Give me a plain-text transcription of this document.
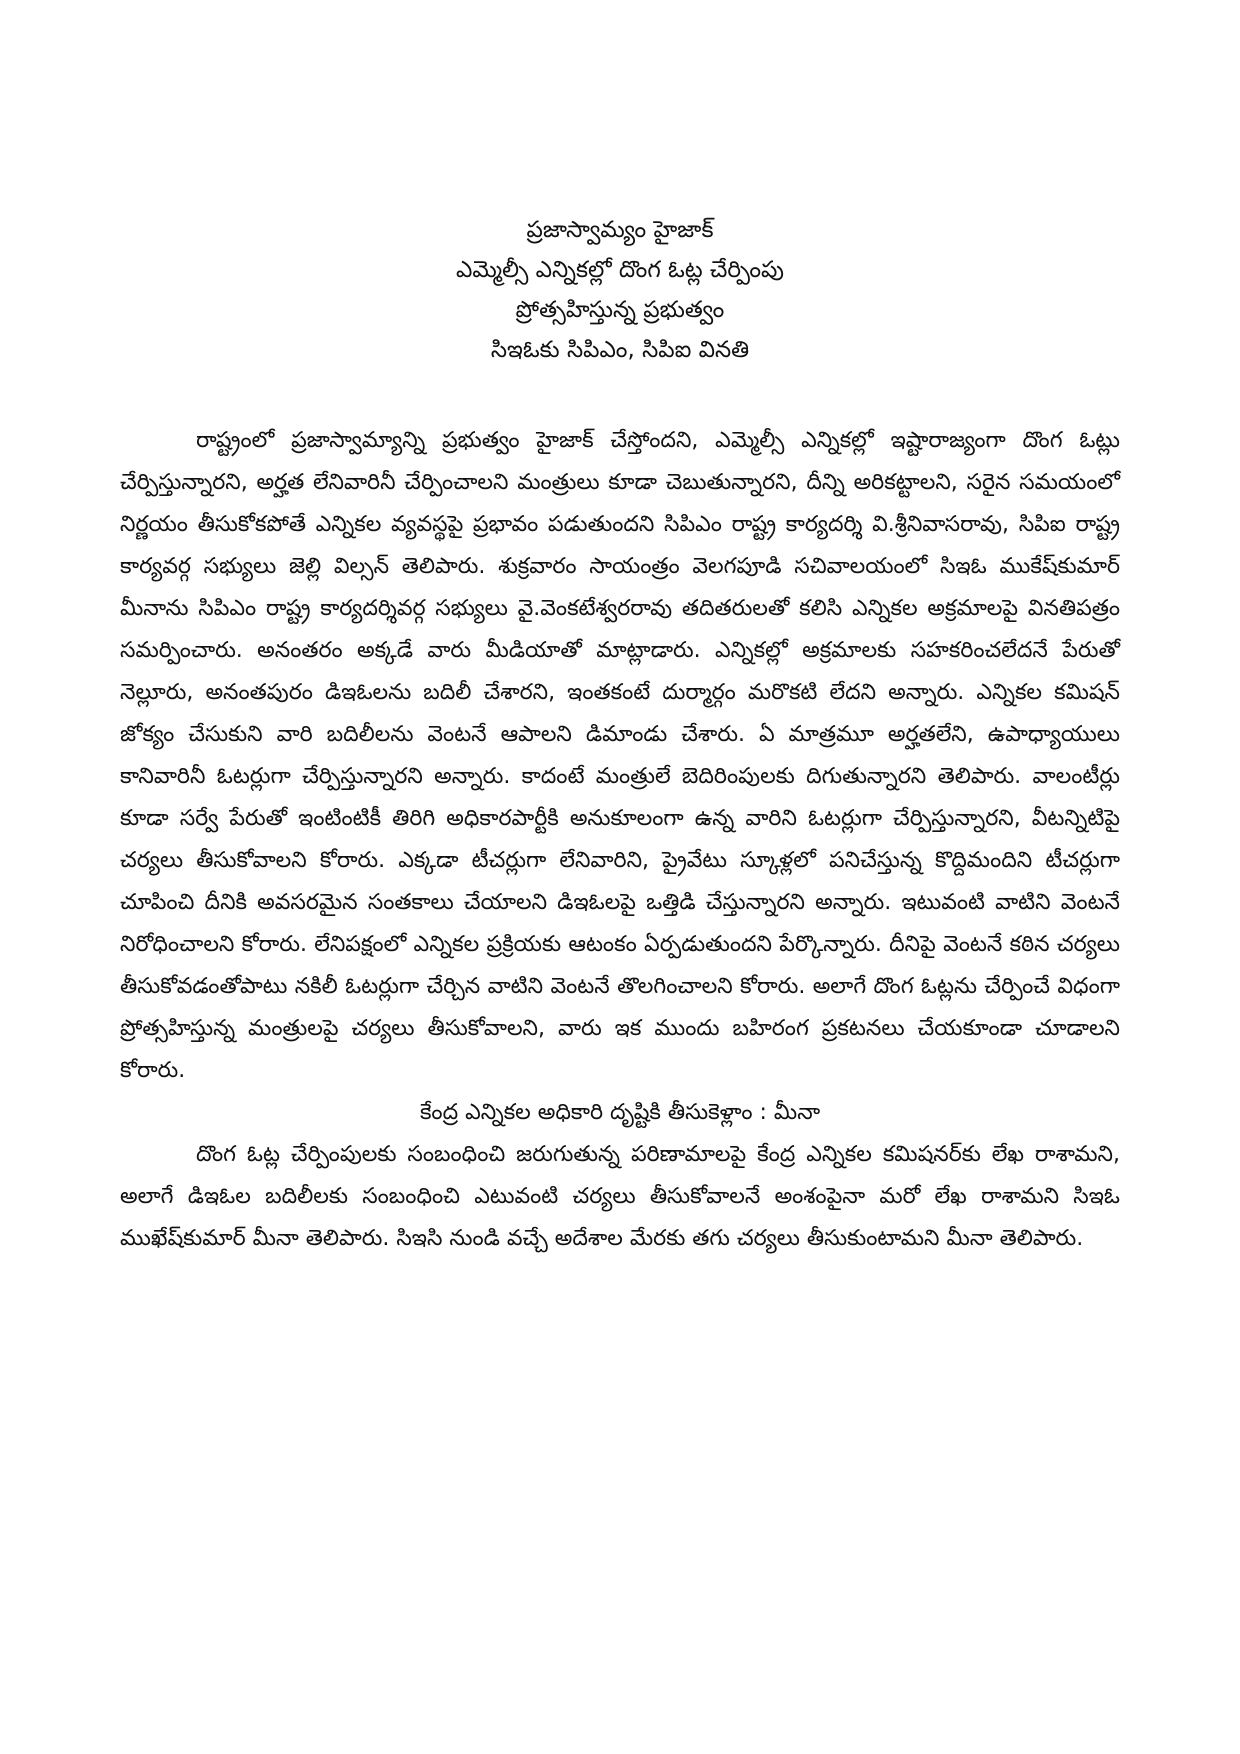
ప్రజాస్వామ్యం హైజాక్
ఎమ్మెల్సీ ఎన్నికల్లో దొంగ ఓట్ల చేర్పింపు
ప్రోత్సహిస్తున్న ప్రభుత్వం
సిఇఓకు సిపిఎం, సిపిఐ వినతి

రాష్ట్రంలో ప్రజాస్వామ్యాన్ని ప్రభుత్వం హైజాక్ చేస్తోందని, ఎమ్మెల్సీ ఎన్నికల్లో ఇష్టారాజ్యంగా దొంగ ఓట్లు చేర్పిస్తున్నారని, అర్హత లేనివారినీ చేర్పించాలని మంత్రులు కూడా చెబుతున్నారని, దీన్ని అరికట్టాలని, సరైన సమయంలో నిర్ణయం తీసుకోకపోతే ఎన్నికల వ్యవస్థపై ప్రభావం పడుతుందని సిపిఎం రాష్ట్ర కార్యదర్శి వి.శ్రీనివాసరావు, సిపిఐ రాష్ట్ర కార్యవర్గ సభ్యులు జెల్లి విల్సన్ తెలిపారు. శుక్రవారం సాయంత్రం వెలగపూడి సచివాలయంలో సిఇఓ ముకేష్‌కుమార్ మీనాను సిపిఎం రాష్ట్ర కార్యదర్శివర్గ సభ్యులు వై.వెంకటేశ్వరరావు తదితరులతో కలిసి ఎన్నికల అక్రమాలపై వినతిపత్రం సమర్పించారు. అనంతరం అక్కడే వారు మీడియాతో మాట్లాడారు. ఎన్నికల్లో అక్రమాలకు సహకరించలేదనే పేరుతో నెల్లూరు, అనంతపురం డిఇఓలను బదిలీ చేశారని, ఇంతకంటే దుర్మార్గం మరొకటి లేదని అన్నారు. ఎన్నికల కమిషన్ జోక్యం చేసుకుని వారి బదిలీలను వెంటనే ఆపాలని డిమాండు చేశారు. ఏ మాత్రమూ అర్హతలేని, ఉపాధ్యాయులు కానివారినీ ఓటర్లుగా చేర్పిస్తున్నారని అన్నారు. కాదంటే మంత్రులే బెదిరింపులకు దిగుతున్నారని తెలిపారు. వాలంటీర్లు కూడా సర్వే పేరుతో ఇంటింటికీ తిరిగి అధికారపార్టీకి అనుకూలంగా ఉన్న వారిని ఓటర్లుగా చేర్పిస్తున్నారని, వీటన్నిటిపై చర్యలు తీసుకోవాలని కోరారు. ఎక్కడా టీచర్లుగా లేనివారిని, ప్రైవేటు స్కూళ్లలో పనిచేస్తున్న కొద్దిమందిని టీచర్లుగా చూపించి దీనికి అవసరమైన సంతకాలు చేయాలని డిఇఓలపై ఒత్తిడి చేస్తున్నారని అన్నారు. ఇటువంటి వాటిని వెంటనే నిరోధించాలని కోరారు. లేనిపక్షంలో ఎన్నికల ప్రక్రియకు ఆటంకం ఏర్పడుతుందని పేర్కొన్నారు. దీనిపై వెంటనే కఠిన చర్యలు తీసుకోవడంతోపాటు నకిలీ ఓటర్లుగా చేర్చిన వాటిని వెంటనే తొలగించాలని కోరారు. అలాగే దొంగ ఓట్లను చేర్పించే విధంగా ప్రోత్సహిస్తున్న మంత్రులపై చర్యలు తీసుకోవాలని, వారు ఇక ముందు బహిరంగ ప్రకటనలు చేయకూండా చూడాలని కోరారు.

కేంద్ర ఎన్నికల అధికారి దృష్టికి తీసుకెళ్లాం : మీనా

దొంగ ఓట్ల చేర్పింపులకు సంబంధించి జరుగుతున్న పరిణామాలపై కేంద్ర ఎన్నికల కమిషనర్‌కు లేఖ రాశామని, అలాగే డిఇఓల బదిలీలకు సంబంధించి ఎటువంటి చర్యలు తీసుకోవాలనే అంశంపైనా మరో లేఖ రాశామని సిఇఓ ముఖేష్‌కుమార్ మీనా తెలిపారు. సిఇసి నుండి వచ్చే అదేశాల మేరకు తగు చర్యలు తీసుకుంటామని మీనా తెలిపారు.
